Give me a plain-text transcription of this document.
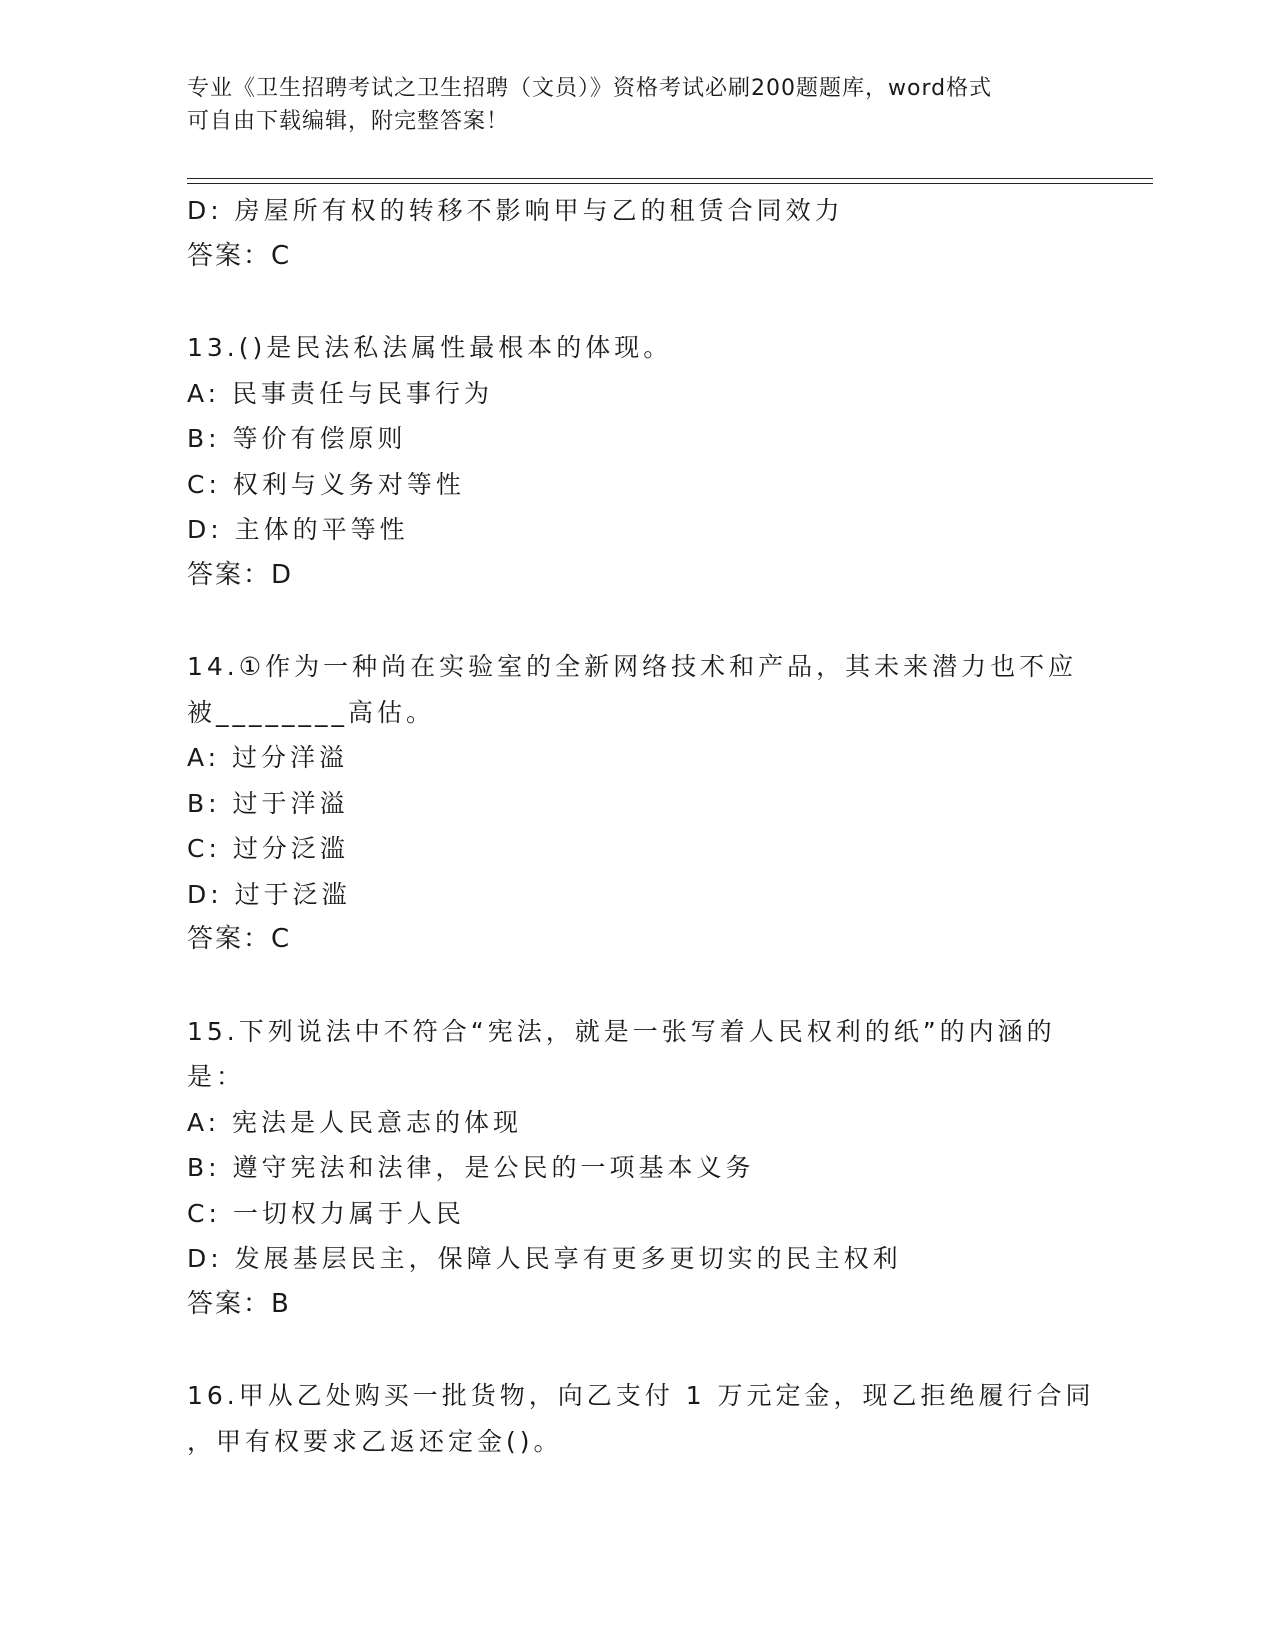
专业《卫生招聘考试之卫生招聘（文员）》资格考试必刷200题题库，word格式
可自由下载编辑，附完整答案！
D: 房屋所有权的转移不影响甲与乙的租赁合同效力
答案：C
13.()是民法私法属性最根本的体现。
A: 民事责任与民事行为
B: 等价有偿原则
C: 权利与义务对等性
D: 主体的平等性
答案：D
14.①作为一种尚在实验室的全新网络技术和产品，其未来潜力也不应
被________高估。
A: 过分洋溢
B: 过于洋溢
C: 过分泛滥
D: 过于泛滥
答案：C
15.下列说法中不符合“宪法，就是一张写着人民权利的纸”的内涵的
是：
A: 宪法是人民意志的体现
B: 遵守宪法和法律，是公民的一项基本义务
C: 一切权力属于人民
D: 发展基层民主，保障人民享有更多更切实的民主权利
答案：B
16.甲从乙处购买一批货物，向乙支付 1 万元定金，现乙拒绝履行合同
，甲有权要求乙返还定金()。
